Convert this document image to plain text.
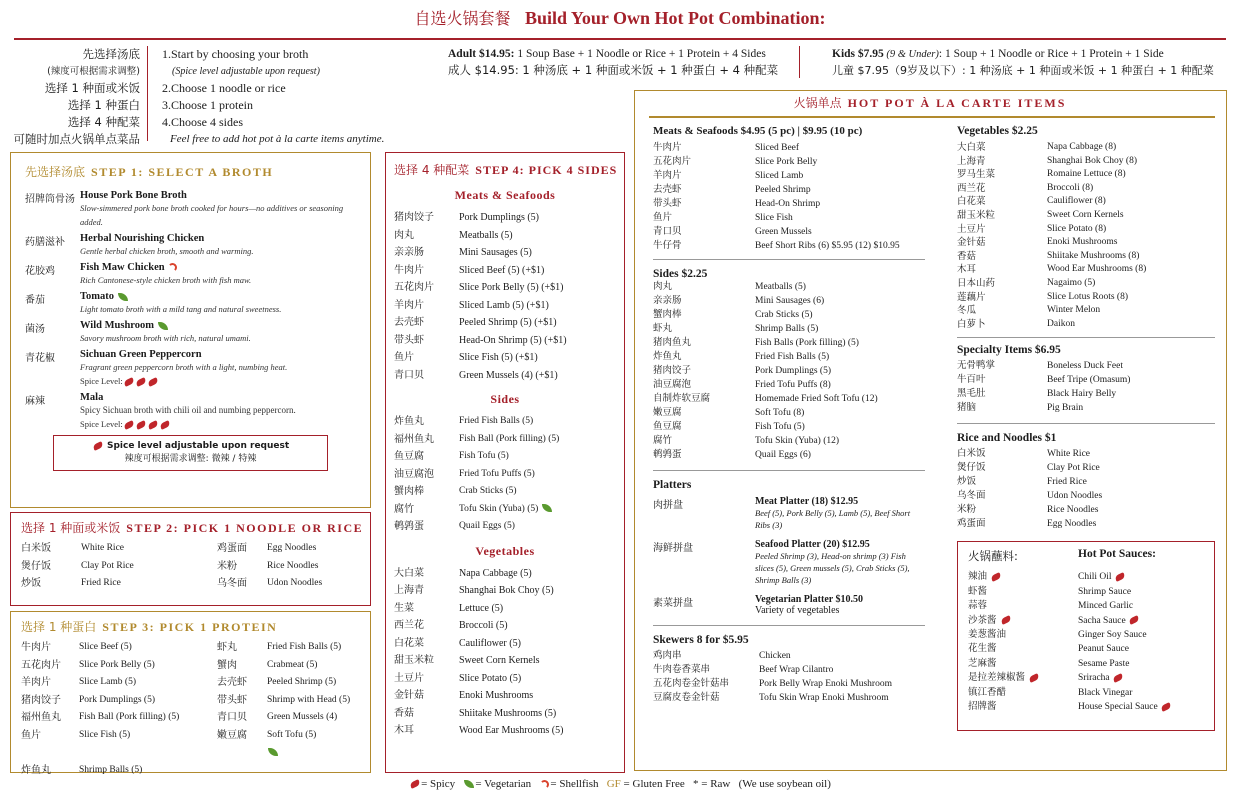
自选火锅套餐 Build Your Own Hot Pot Combination:
先选择汤底
(辣度可根据需求调整)
选择 1 种面或米饭
选择 1 种蛋白
选择 4 种配菜
可随时加点火锅单点菜品
1.Start by choosing your broth
(Spice level adjustable upon request)
2.Choose 1 noodle or rice
3.Choose 1 protein
4.Choose 4 sides
Feel free to add hot pot à la carte items anytime.
Adult $14.95: 1 Soup Base + 1 Noodle or Rice + 1 Protein + 4 Sides
成人 $14.95: 1 种汤底 + 1 种面或米饭 + 1 种蛋白 + 4 种配菜
Kids $7.95 (9 & Under): 1 Soup + 1 Noodle or Rice + 1 Protein + 1 Side
儿童 $7.95（9岁及以下）: 1 种汤底 + 1 种面或米饭 + 1 种蛋白 + 1 种配菜
先选择汤底 STEP 1: SELECT A BROTH
招牌筒骨汤 House Pork Bone Broth
Slow-simmered pork bone broth cooked for hours—no additives or seasoning added.
药膳滋补	Herbal Nourishing Chicken
Gentle herbal chicken broth, smooth and warming.
花胶鸡	Fish Maw Chicken
Rich Cantonese-style chicken broth with fish maw.
番茄	Tomato
Light tomato broth with a mild tang and natural sweetness.
菌汤	Wild Mushroom
Savory mushroom broth with rich, natural umami.
青花椒	Sichuan Green Peppercorn
Fragrant green peppercorn broth with a light, numbing heat.
Spice Level:
麻辣	Mala
Spicy Sichuan broth with chili oil and numbing peppercorn.
Spice Level:
Spice level adjustable upon request
辣度可根据需求调整: 微辣 / 特辣
选择 1 种面或米饭 STEP 2: PICK 1 NOODLE OR RICE
白米饭	White Rice	鸡蛋面	Egg Noodles
煲仔饭	Clay Pot Rice	米粉	Rice Noodles
炒饭	Fried Rice	乌冬面	Udon Noodles
选择 1 种蛋白 STEP 3: PICK 1 PROTEIN
牛肉片	Slice Beef (5)	虾丸	Fried Fish Balls (5)
五花肉片	Slice Pork Belly (5)	蟹肉	Crabmeat (5)
羊肉片	Slice Lamb (5)	去壳虾	Peeled Shrimp (5)
猪肉饺子	Pork Dumplings (5)	带头虾	Shrimp with Head (5)
福州鱼丸	Fish Ball (Pork filling) (5)	青口贝	Green Mussels (4)
鱼片	Slice Fish (5)	嫩豆腐	Soft Tofu (5)
炸鱼丸	Shrimp Balls (5)
选择 4 种配菜 STEP 4: PICK 4 SIDES
Meats & Seafoods
猪肉饺子	Pork Dumplings (5)
肉丸	Meatballs (5)
亲亲肠	Mini Sausages (5)
牛肉片	Sliced Beef (5) (+$1)
五花肉片	Slice Pork Belly (5) (+$1)
羊肉片	Sliced Lamb (5) (+$1)
去壳虾	Peeled Shrimp (5) (+$1)
带头虾	Head-On Shrimp (5) (+$1)
鱼片	Slice Fish (5) (+$1)
青口贝	Green Mussels (4) (+$1)
Sides
炸鱼丸	Fried Fish Balls (5)
福州鱼丸	Fish Ball (Pork filling) (5)
鱼豆腐	Fish Tofu (5)
油豆腐泡	Fried Tofu Puffs (5)
蟹肉棒	Crab Sticks (5)
腐竹	Tofu Skin (Yuba) (5)
鹌鹑蛋	Quail Eggs (5)
Vegetables
大白菜	Napa Cabbage (5)
上海青	Shanghai Bok Choy (5)
生菜	Lettuce (5)
西兰花	Broccoli (5)
白花菜	Cauliflower (5)
甜玉米粒	Sweet Corn Kernels
土豆片	Slice Potato (5)
金针菇	Enoki Mushrooms
香菇	Shiitake Mushrooms (5)
木耳	Wood Ear Mushrooms (5)
火锅单点 HOT POT À LA CARTE ITEMS
Meats & Seafoods $4.95 (5 pc) | $9.95 (10 pc)
牛肉片	Sliced Beef
五花肉片	Slice Pork Belly
羊肉片	Sliced Lamb
去壳虾	Peeled Shrimp
带头虾	Head-On Shrimp
鱼片	Slice Fish
青口贝	Green Mussels
牛仔骨	Beef Short Ribs (6) $5.95 (12) $10.95
Sides $2.25
肉丸	Meatballs (5)
亲亲肠	Mini Sausages (6)
蟹肉棒	Crab Sticks (5)
虾丸	Shrimp Balls (5)
猪肉鱼丸	Fish Balls (Pork filling) (5)
炸鱼丸	Fried Fish Balls (5)
猪肉饺子	Pork Dumplings (5)
油豆腐泡	Fried Tofu Puffs (8)
自制炸软豆腐	Homemade Fried Soft Tofu (12)
嫩豆腐	Soft Tofu (8)
鱼豆腐	Fish Tofu (5)
腐竹	Tofu Skin (Yuba) (12)
鹌鹑蛋	Quail Eggs (6)
Platters
肉拼盘	Meat Platter (18) $12.95
Beef (5), Pork Belly (5), Lamb (5), Beef Short Ribs (3)
海鲜拼盘	Seafood Platter (20) $12.95
Peeled Shrimp (3), Head-on shrimp (3) Fish slices (5), Green mussels (5), Crab Sticks (5), Shrimp Balls (3)
素菜拼盘	Vegetarian Platter $10.50
Variety of vegetables
Skewers 8 for $5.95
鸡肉串	Chicken
牛肉卷香菜串	Beef Wrap Cilantro
五花肉卷金针菇串	Pork Belly Wrap Enoki Mushroom
豆腐皮卷金针菇	Tofu Skin Wrap Enoki Mushroom
Vegetables $2.25
大白菜	Napa Cabbage (8)
上海青	Shanghai Bok Choy (8)
罗马生菜	Romaine Lettuce (8)
西兰花	Broccoli (8)
白花菜	Cauliflower (8)
甜玉米粒	Sweet Corn Kernels
土豆片	Slice Potato (8)
金针菇	Enoki Mushrooms
香菇	Shiitake Mushrooms (8)
木耳	Wood Ear Mushrooms (8)
日本山药	Nagaimo (5)
莲藕片	Slice Lotus Roots (8)
冬瓜	Winter Melon
白萝卜	Daikon
Specialty Items $6.95
无骨鸭掌	Boneless Duck Feet
牛百叶	Beef Tripe (Omasum)
黑毛肚	Black Hairy Belly
猪脑	Pig Brain
Rice and Noodles $1
白米饭	White Rice
煲仔饭	Clay Pot Rice
炒饭	Fried Rice
乌冬面	Udon Noodles
米粉	Rice Noodles
鸡蛋面	Egg Noodles
火锅蘸料:	Hot Pot Sauces:
辣油	Chili Oil
虾酱	Shrimp Sauce
蒜蓉	Minced Garlic
沙茶酱	Sacha Sauce
姜葱酱油	Ginger Soy Sauce
花生酱	Peanut Sauce
芝麻酱	Sesame Paste
是拉差辣椒酱	Sriracha
镇江香醋	Black Vinegar
招牌酱	House Special Sauce
= Spicy = Vegetarian = Shellfish GF = Gluten Free * = Raw (We use soybean oil)
